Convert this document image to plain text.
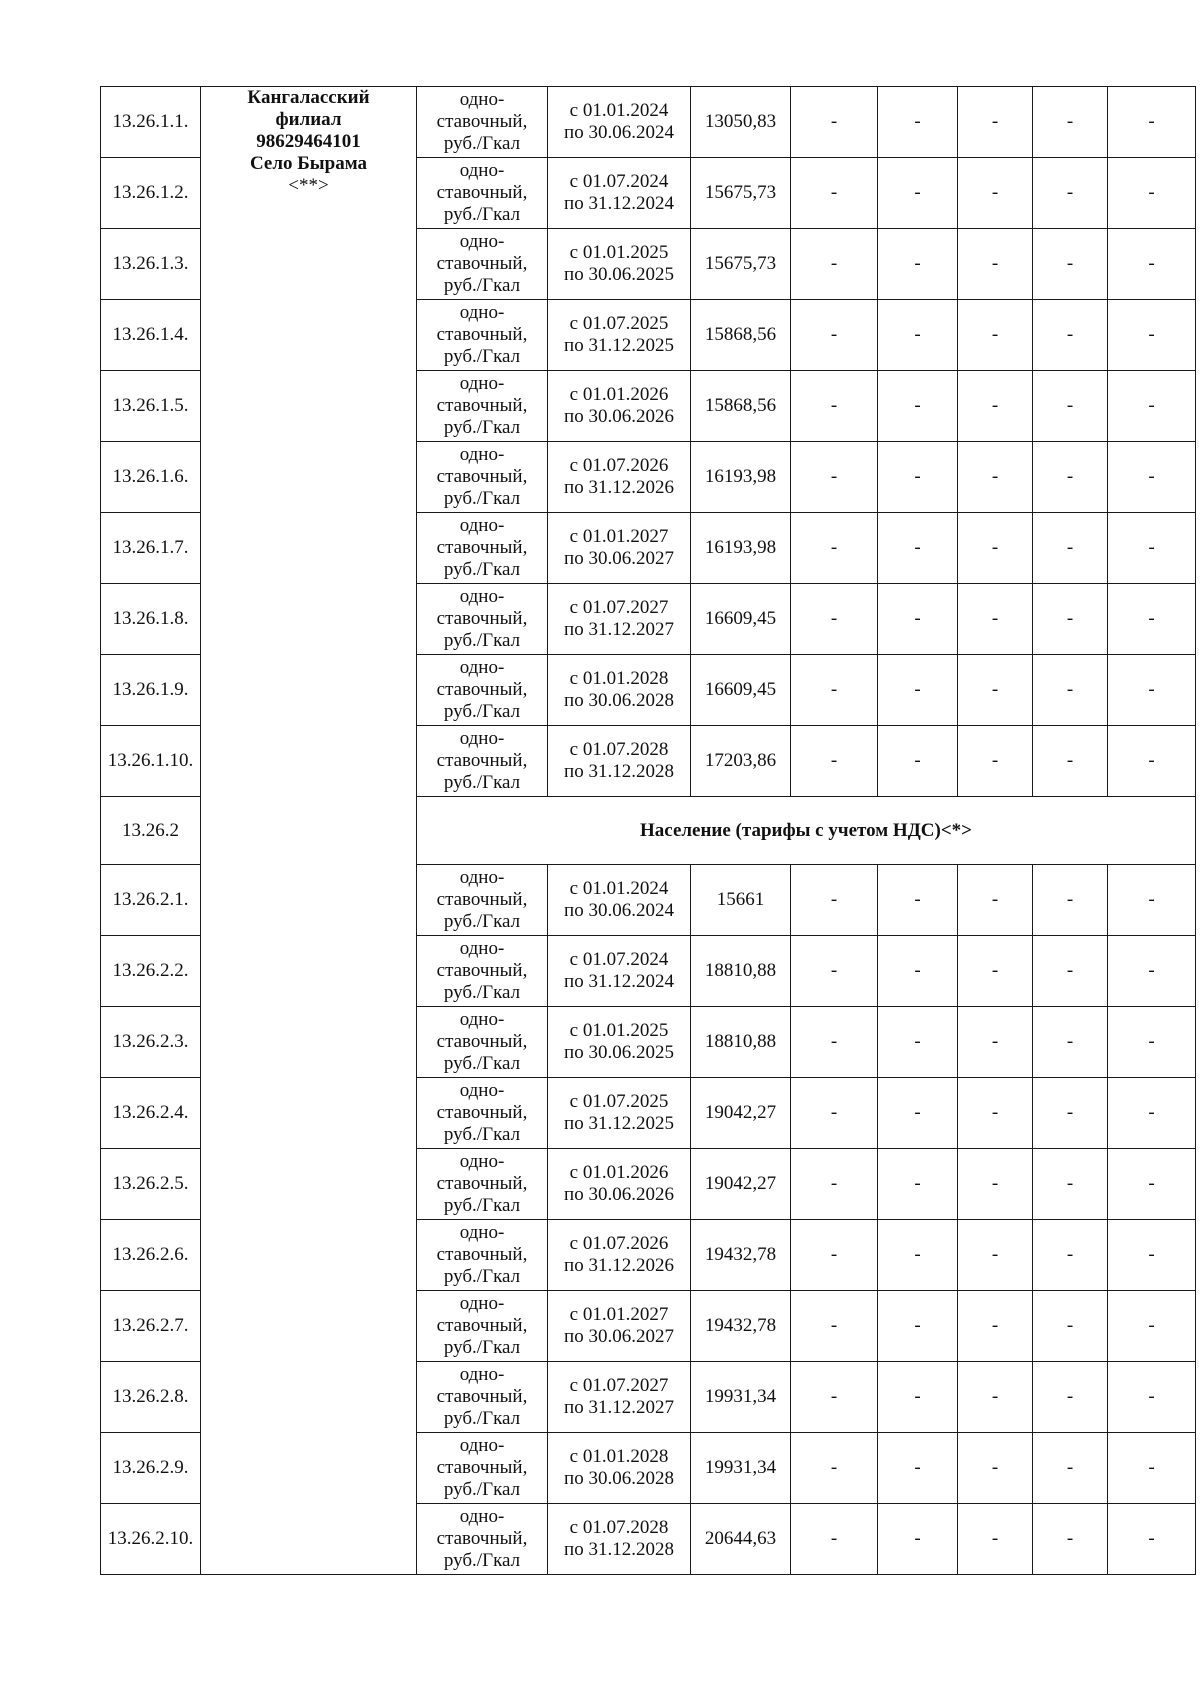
13.26.1.1.	Кангаласский
филиал
98629464101
Село Бырама
<**>	одно-ставочный, руб./Гкал	с 01.01.2024
по 30.06.2024	13050,83	-	-	-	-	-
13.26.1.2.		одно-ставочный, руб./Гкал	с 01.07.2024
по 31.12.2024	15675,73	-	-	-	-	-
13.26.1.3.		одно-ставочный, руб./Гкал	с 01.01.2025
по 30.06.2025	15675,73	-	-	-	-	-
13.26.1.4.		одно-ставочный, руб./Гкал	с 01.07.2025
по 31.12.2025	15868,56	-	-	-	-	-
13.26.1.5.		одно-ставочный, руб./Гкал	с 01.01.2026
по 30.06.2026	15868,56	-	-	-	-	-
13.26.1.6.		одно-ставочный, руб./Гкал	с 01.07.2026
по 31.12.2026	16193,98	-	-	-	-	-
13.26.1.7.		одно-ставочный, руб./Гкал	с 01.01.2027
по 30.06.2027	16193,98	-	-	-	-	-
13.26.1.8.		одно-ставочный, руб./Гкал	с 01.07.2027
по 31.12.2027	16609,45	-	-	-	-	-
13.26.1.9.		одно-ставочный, руб./Гкал	с 01.01.2028
по 30.06.2028	16609,45	-	-	-	-	-
13.26.1.10.		одно-ставочный, руб./Гкал	с 01.07.2028
по 31.12.2028	17203,86	-	-	-	-	-
13.26.2		Население (тарифы с учетом НДС)<*>							
13.26.2.1.		одно-ставочный, руб./Гкал	с 01.01.2024
по 30.06.2024	15661	-	-	-	-	-
13.26.2.2.		одно-ставочный, руб./Гкал	с 01.07.2024
по 31.12.2024	18810,88	-	-	-	-	-
13.26.2.3.		одно-ставочный, руб./Гкал	с 01.01.2025
по 30.06.2025	18810,88	-	-	-	-	-
13.26.2.4.		одно-ставочный, руб./Гкал	с 01.07.2025
по 31.12.2025	19042,27	-	-	-	-	-
13.26.2.5.		одно-ставочный, руб./Гкал	с 01.01.2026
по 30.06.2026	19042,27	-	-	-	-	-
13.26.2.6.		одно-ставочный, руб./Гкал	с 01.07.2026
по 31.12.2026	19432,78	-	-	-	-	-
13.26.2.7.		одно-ставочный, руб./Гкал	с 01.01.2027
по 30.06.2027	19432,78	-	-	-	-	-
13.26.2.8.		одно-ставочный, руб./Гкал	с 01.07.2027
по 31.12.2027	19931,34	-	-	-	-	-
13.26.2.9.		одно-ставочный, руб./Гкал	с 01.01.2028
по 30.06.2028	19931,34	-	-	-	-	-
13.26.2.10.		одно-ставочный, руб./Гкал	с 01.07.2028
по 31.12.2028	20644,63	-	-	-	-	-
